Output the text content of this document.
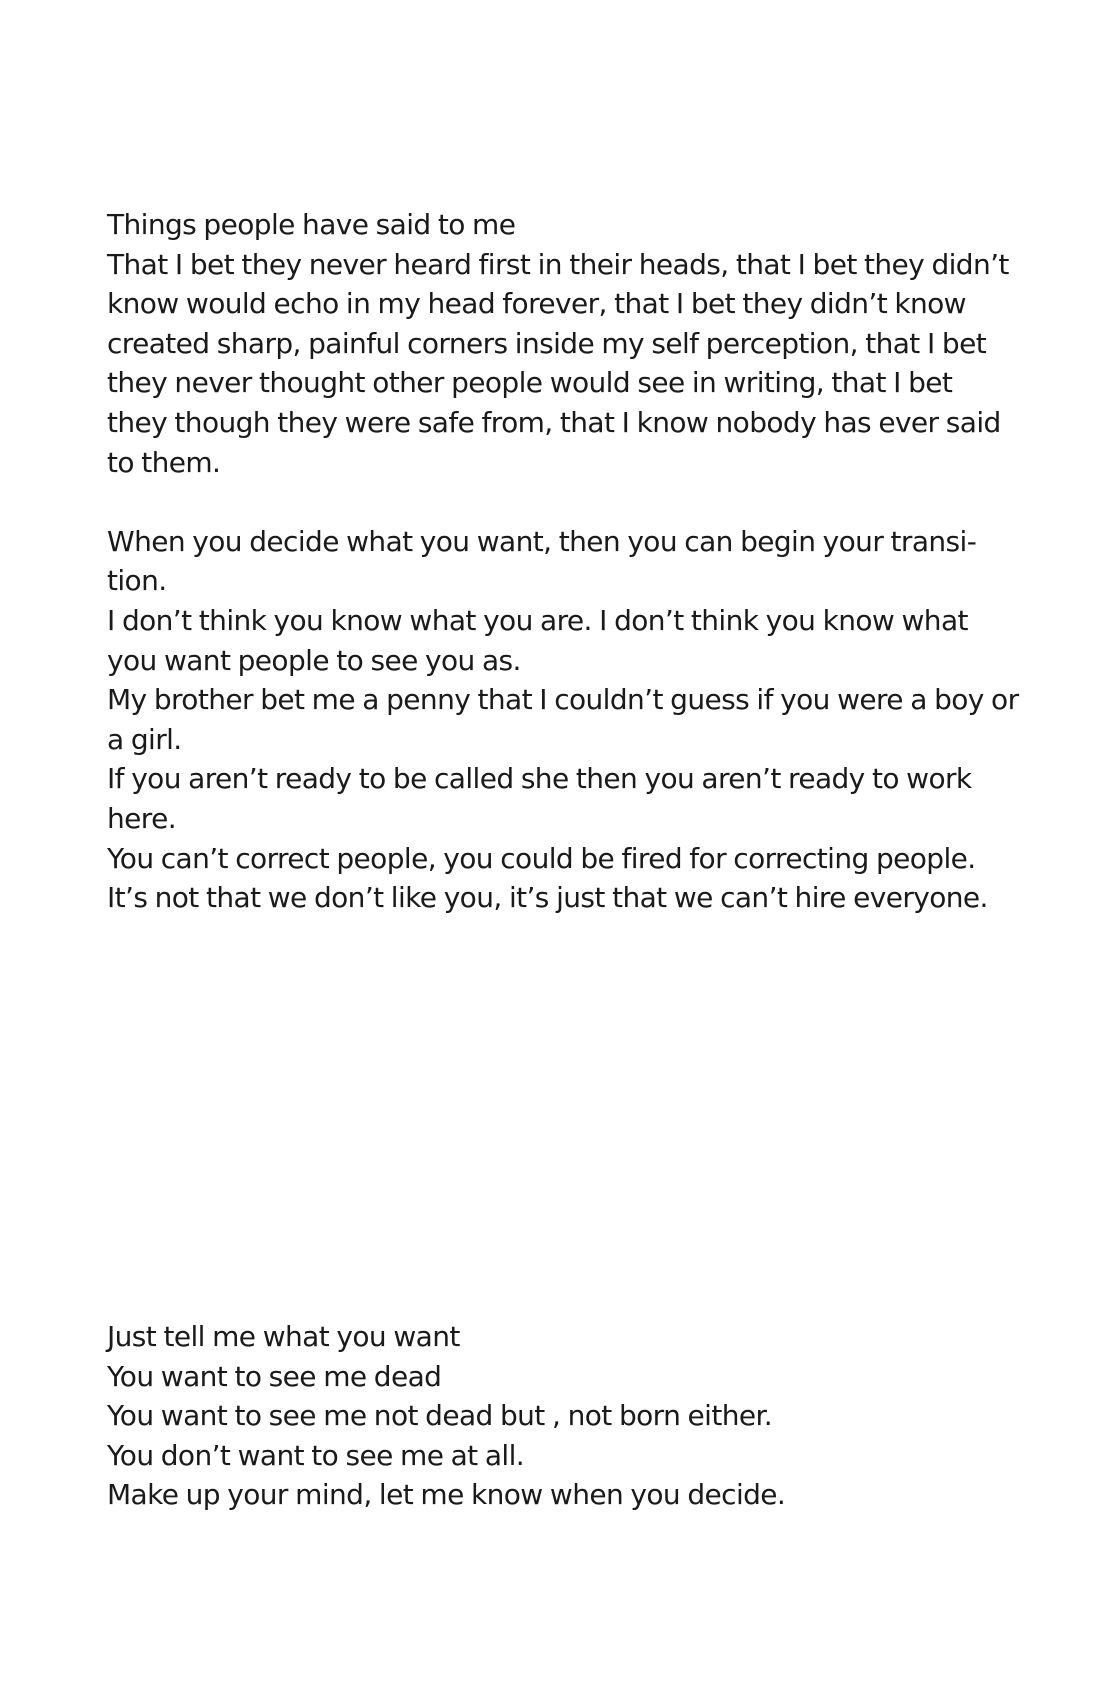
Things people have said to me
That I bet they never heard first in their heads, that I bet they didn’t
know would echo in my head forever, that I bet they didn’t know
created sharp, painful corners inside my self perception, that I bet
they never thought other people would see in writing, that I bet
they though they were safe from, that I know nobody has ever said
to them.
When you decide what you want, then you can begin your transi-
tion.
I don’t think you know what you are. I don’t think you know what
you want people to see you as.
My brother bet me a penny that I couldn’t guess if you were a boy or
a girl.
If you aren’t ready to be called she then you aren’t ready to work
here.
You can’t correct people, you could be fired for correcting people.
It’s not that we don’t like you, it’s just that we can’t hire everyone.
Just tell me what you want
You want to see me dead
You want to see me not dead but , not born either.
You don’t want to see me at all.
Make up your mind, let me know when you decide.
